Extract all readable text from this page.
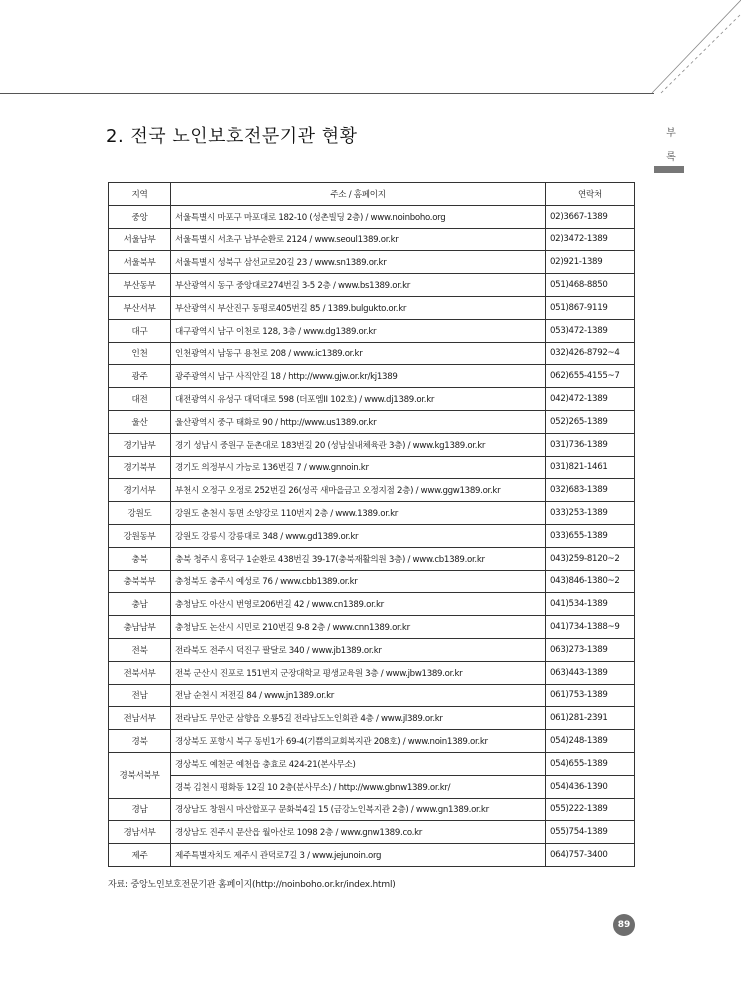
2. 전국 노인보호전문기관 현황	부
록
지역	주소 / 홈페이지	연락처
중앙	서울특별시 마포구 마포대로 182-10 (성촌빌딩 2층) / www.noinboho.org	02)3667-1389
서울남부	서울특별시 서초구 남부순환로 2124 / www.seoul1389.or.kr	02)3472-1389
서울북부	서울특별시 성북구 삼선교로20길 23 / www.sn1389.or.kr	02)921-1389
부산동부	부산광역시 동구 중앙대로274번길 3-5 2층 / www.bs1389.or.kr	051)468-8850
부산서부	부산광역시 부산진구 동평로405번길 85 / 1389.bulgukto.or.kr	051)867-9119
대구	대구광역시 남구 이천로 128, 3층 / www.dg1389.or.kr	053)472-1389
인천	인천광역시 남동구 용천로 208 / www.ic1389.or.kr	032)426-8792~4
광주	광주광역시 남구 사직안길 18 / http://www.gjw.or.kr/kj1389	062)655-4155~7
대전	대전광역시 유성구 대덕대로 598 (더포엠II 102호) / www.dj1389.or.kr	042)472-1389
울산	울산광역시 중구 태화로 90 / http://www.us1389.or.kr	052)265-1389
경기남부	경기 성남시 중원구 둔촌대로 183번길 20 (성남실내체육관 3층) / www.kg1389.or.kr	031)736-1389
경기북부	경기도 의정부시 가능로 136번길 7 / www.gnnoin.kr	031)821-1461
경기서부	부천시 오정구 오정로 252번길 26(성곡 새마을금고 오정지점 2층) / www.ggw1389.or.kr	032)683-1389
강원도	강원도 춘천시 동면 소양강로 110번지 2층 / www.1389.or.kr	033)253-1389
강원동부	강원도 강릉시 강릉대로 348 / www.gd1389.or.kr	033)655-1389
충북	충북 청주시 흥덕구 1순환로 438번길 39-17(충북재활의원 3층) / www.cb1389.or.kr	043)259-8120~2
충북북부	충청북도 충주시 예성로 76 / www.cbb1389.or.kr	043)846-1380~2
충남	충청남도 아산시 번영로206번길 42 / www.cn1389.or.kr	041)534-1389
충남남부	충청남도 논산시 시민로 210번길 9-8 2층 / www.cnn1389.or.kr	041)734-1388~9
전북	전라북도 전주시 덕진구 팔달로 340 / www.jb1389.or.kr	063)273-1389
전북서부	전북 군산시 진포로 151번지 군장대학교 평생교육원 3층 / www.jbw1389.or.kr	063)443-1389
전남	전남 순천시 저전길 84 / www.jn1389.or.kr	061)753-1389
전남서부	전라남도 무안군 삼향읍 오룡5길 전라남도노인회관 4층 / www.jl389.or.kr	061)281-2391
경북	경상북도 포항시 북구 동빈1가 69-4(기쁨의교회복지관 208호) / www.noin1389.or.kr	054)248-1389
경북서북부	경상북도 예천군 예천읍 충효로 424-21(본사무소)	054)655-1389
	경북 김천시 평화동 12길 10 2층(분사무소) / http://www.gbnw1389.or.kr/	054)436-1390
경남	경상남도 창원시 마산합포구 문화북4길 15 (금강노인복지관 2층) / www.gn1389.or.kr	055)222-1389
경남서부	경상남도 진주시 문산읍 월아산로 1098 2층 / www.gnw1389.co.kr	055)754-1389
제주	제주특별자치도 제주시 관덕로7길 3 / www.jejunoin.org	064)757-3400
자료: 중앙노인보호전문기관 홈페이지(http://noinboho.or.kr/index.html)
89
